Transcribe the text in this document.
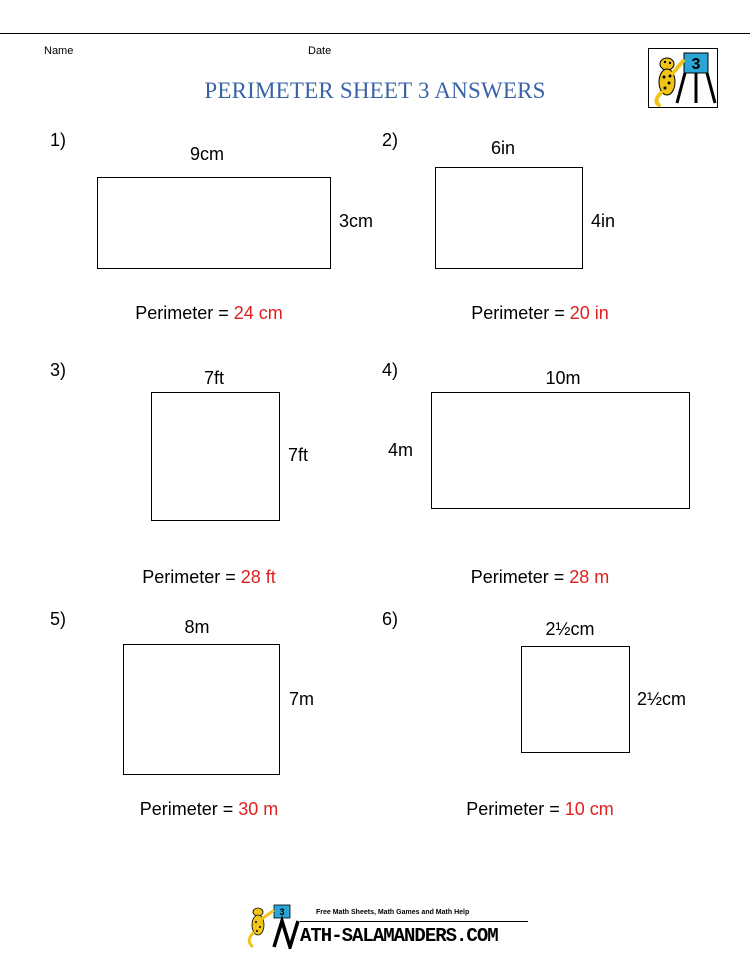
Name	Date
PERIMETER SHEET 3 ANSWERS
3
1)
9cm
3cm
Perimeter = 24 cm
2)	6in
4in
Perimeter = 20 in
3)	7ft
7ft
Perimeter = 28 ft
4)	10m
4m
Perimeter = 28 m
5)	8m
7m
Perimeter = 30 m
6)	2½cm
2½cm
Perimeter = 10 cm
3	Free Math Sheets, Math Games and Math Help
ATH-SALAMANDERS.COM
